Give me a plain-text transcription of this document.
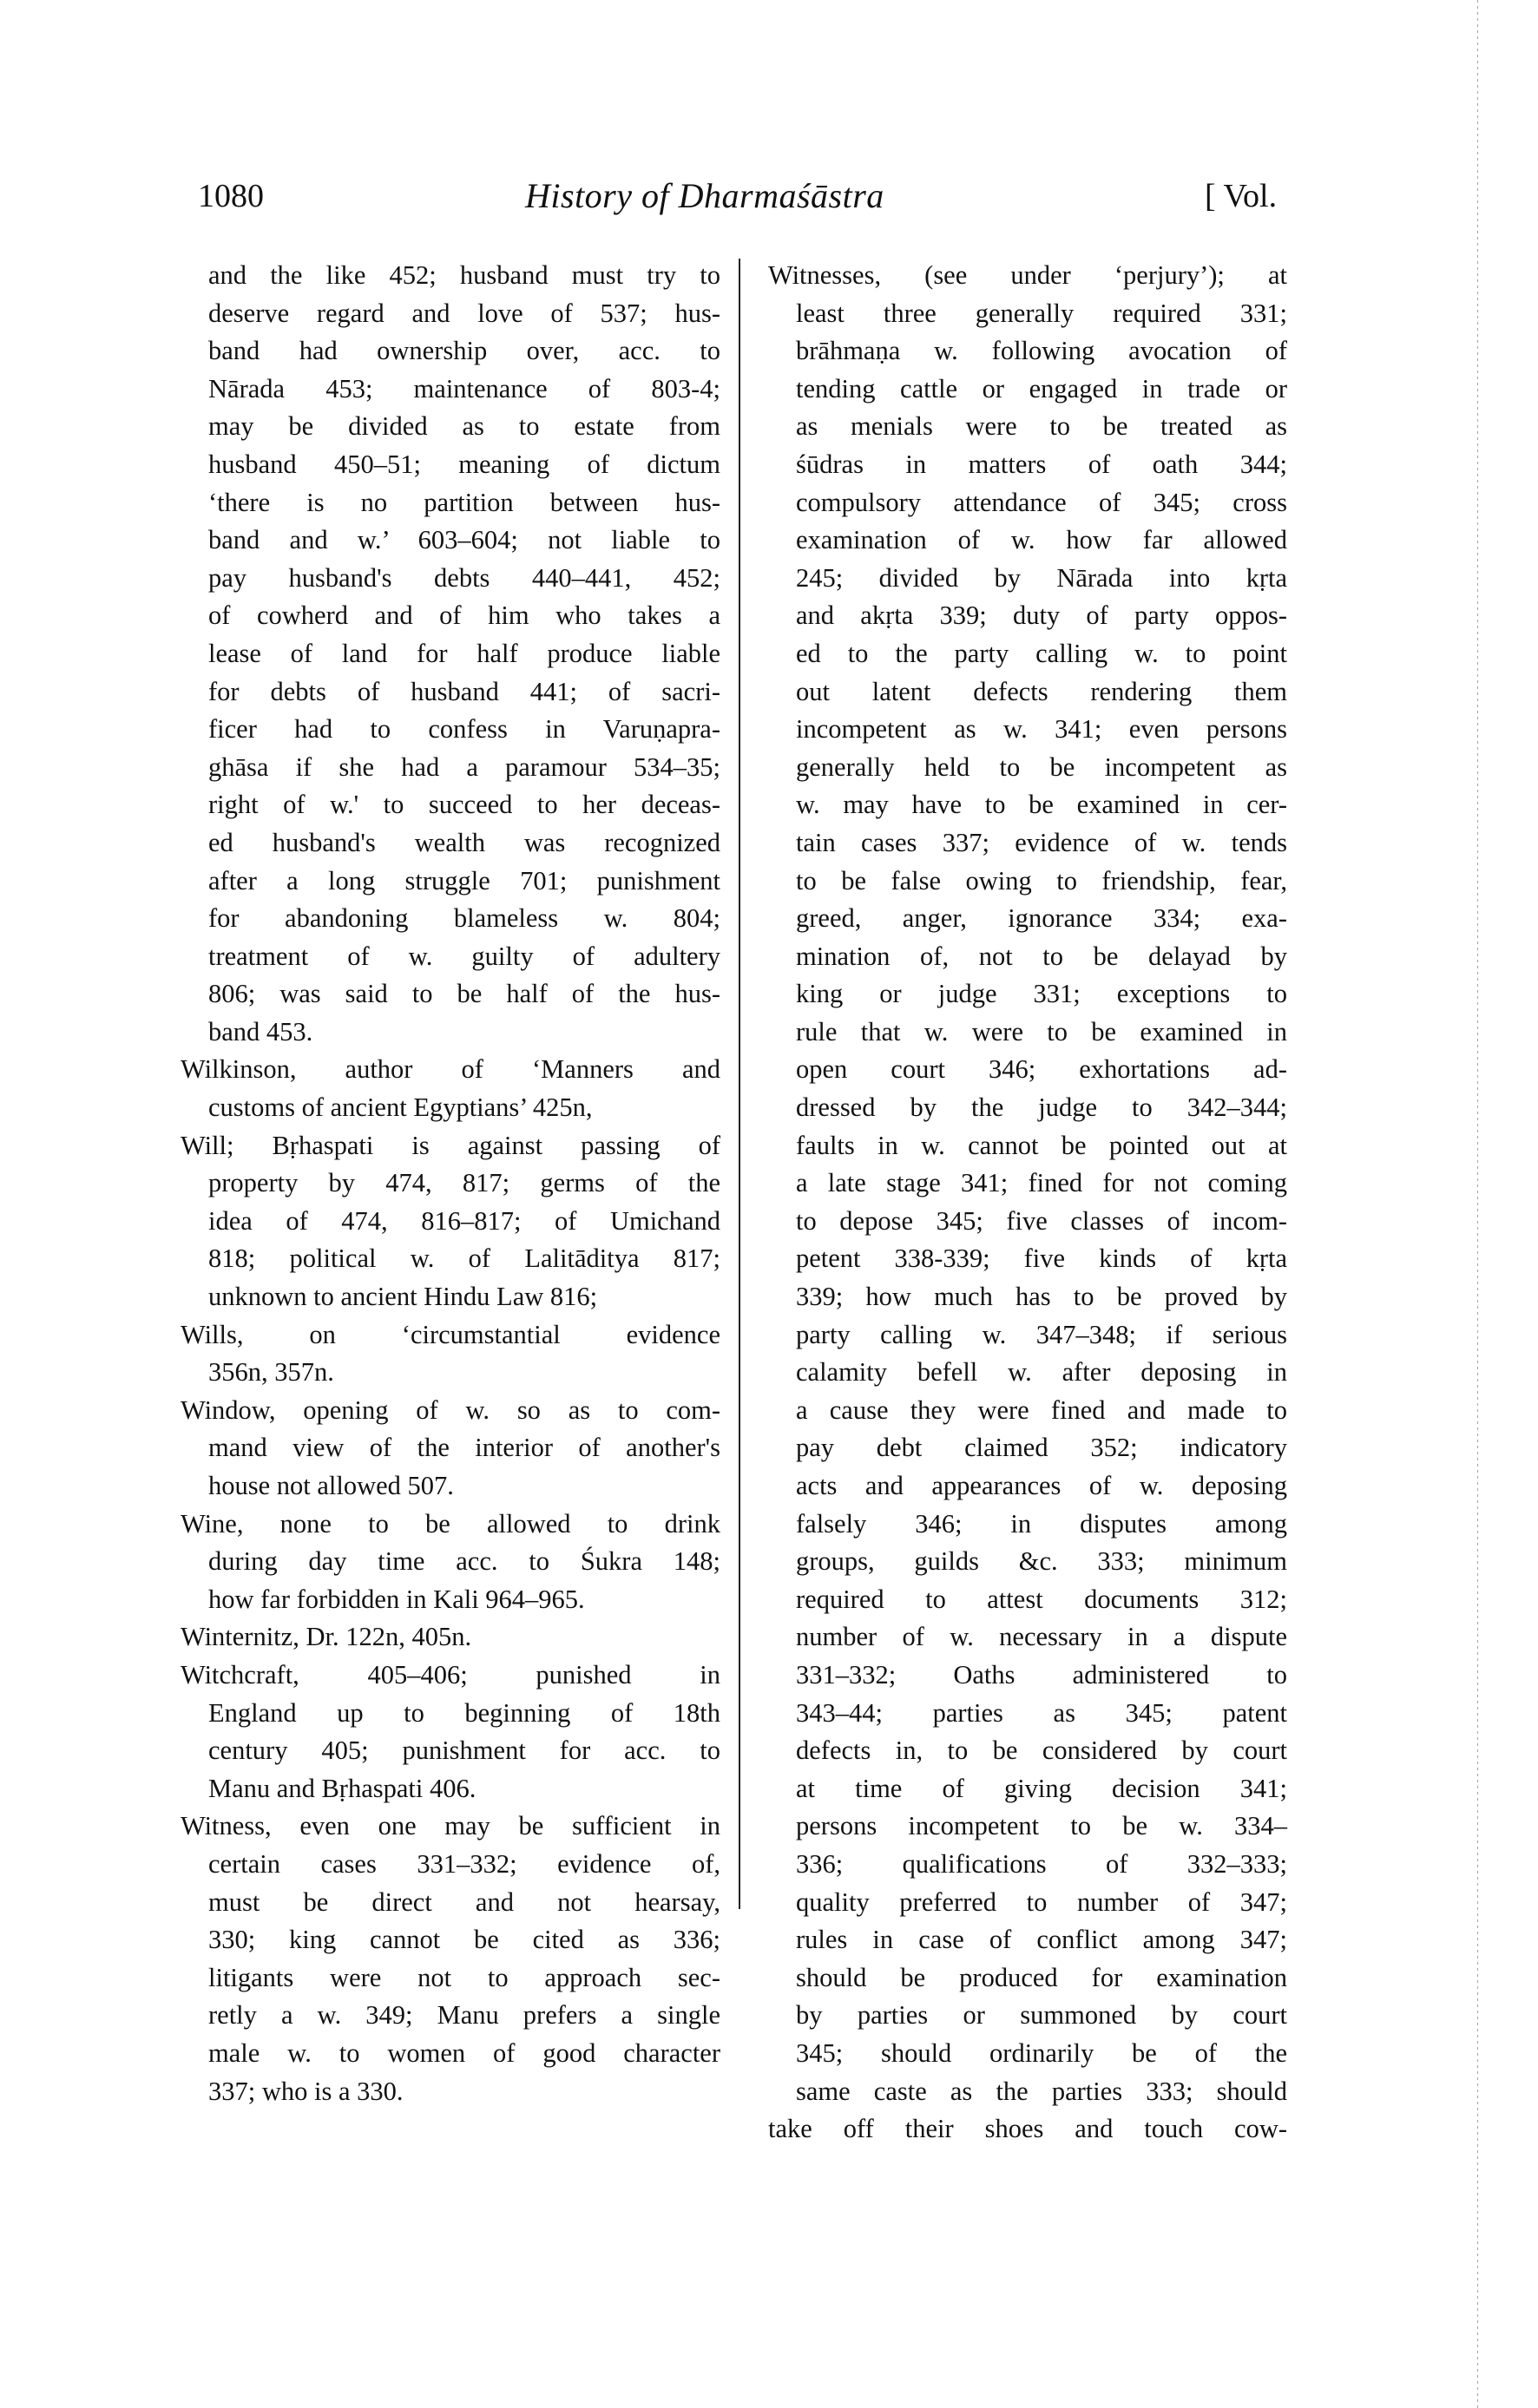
1080	History of Dharmaśāstra	[ Vol.
and the like 452; husband must try to
deserve regard and love of 537; hus-
band had ownership over, acc. to
Nārada 453; maintenance of 803-4;
may be divided as to estate from
husband 450–51; meaning of dictum
‘there is no partition between hus-
band and w.’ 603–604; not liable to
pay husband's debts 440–441, 452;
of cowherd and of him who takes a
lease of land for half produce liable
for debts of husband 441; of sacri-
ficer had to confess in Varuṇapra-
ghāsa if she had a paramour 534–35;
right of w.' to succeed to her deceas-
ed husband's wealth was recognized
after a long struggle 701; punishment
for abandoning blameless w. 804;
treatment of w. guilty of adultery
806; was said to be half of the hus-
band 453.
Wilkinson, author of ‘Manners and
customs of ancient Egyptians’ 425n,
Will; Bṛhaspati is against passing of
property by 474, 817; germs of the
idea of 474, 816–817; of Umichand
818; political w. of Lalitāditya 817;
unknown to ancient Hindu Law 816;
Wills, on ‘circumstantial evidence
356n, 357n.
Window, opening of w. so as to com-
mand view of the interior of another's
house not allowed 507.
Wine, none to be allowed to drink
during day time acc. to Śukra 148;
how far forbidden in Kali 964–965.
Winternitz, Dr. 122n, 405n.
Witchcraft, 405–406; punished in
England up to beginning of 18th
century 405; punishment for acc. to
Manu and Bṛhaspati 406.
Witness, even one may be sufficient in
certain cases 331–332; evidence of,
must be direct and not hearsay,
330; king cannot be cited as 336;
litigants were not to approach sec-
retly a w. 349; Manu prefers a single
male w. to women of good character
337; who is a 330.
Witnesses, (see under ‘perjury’); at
least three generally required 331;
brāhmaṇa w. following avocation of
tending cattle or engaged in trade or
as menials were to be treated as
śūdras in matters of oath 344;
compulsory attendance of 345; cross
examination of w. how far allowed
245; divided by Nārada into kṛta
and akṛta 339; duty of party oppos-
ed to the party calling w. to point
out latent defects rendering them
incompetent as w. 341; even persons
generally held to be incompetent as
w. may have to be examined in cer-
tain cases 337; evidence of w. tends
to be false owing to friendship, fear,
greed, anger, ignorance 334; exa-
mination of, not to be delayad by
king or judge 331; exceptions to
rule that w. were to be examined in
open court 346; exhortations ad-
dressed by the judge to 342–344;
faults in w. cannot be pointed out at
a late stage 341; fined for not coming
to depose 345; five classes of incom-
petent 338-339; five kinds of kṛta
339; how much has to be proved by
party calling w. 347–348; if serious
calamity befell w. after deposing in
a cause they were fined and made to
pay debt claimed 352; indicatory
acts and appearances of w. deposing
falsely 346; in disputes among
groups, guilds &c. 333; minimum
required to attest documents 312;
number of w. necessary in a dispute
331–332; Oaths administered to
343–44; parties as 345; patent
defects in, to be considered by court
at time of giving decision 341;
persons incompetent to be w. 334–
336; qualifications of 332–333;
quality preferred to number of 347;
rules in case of conflict among 347;
should be produced for examination
by parties or summoned by court
345; should ordinarily be of the
same caste as the parties 333; should
take off their shoes and touch cow-
